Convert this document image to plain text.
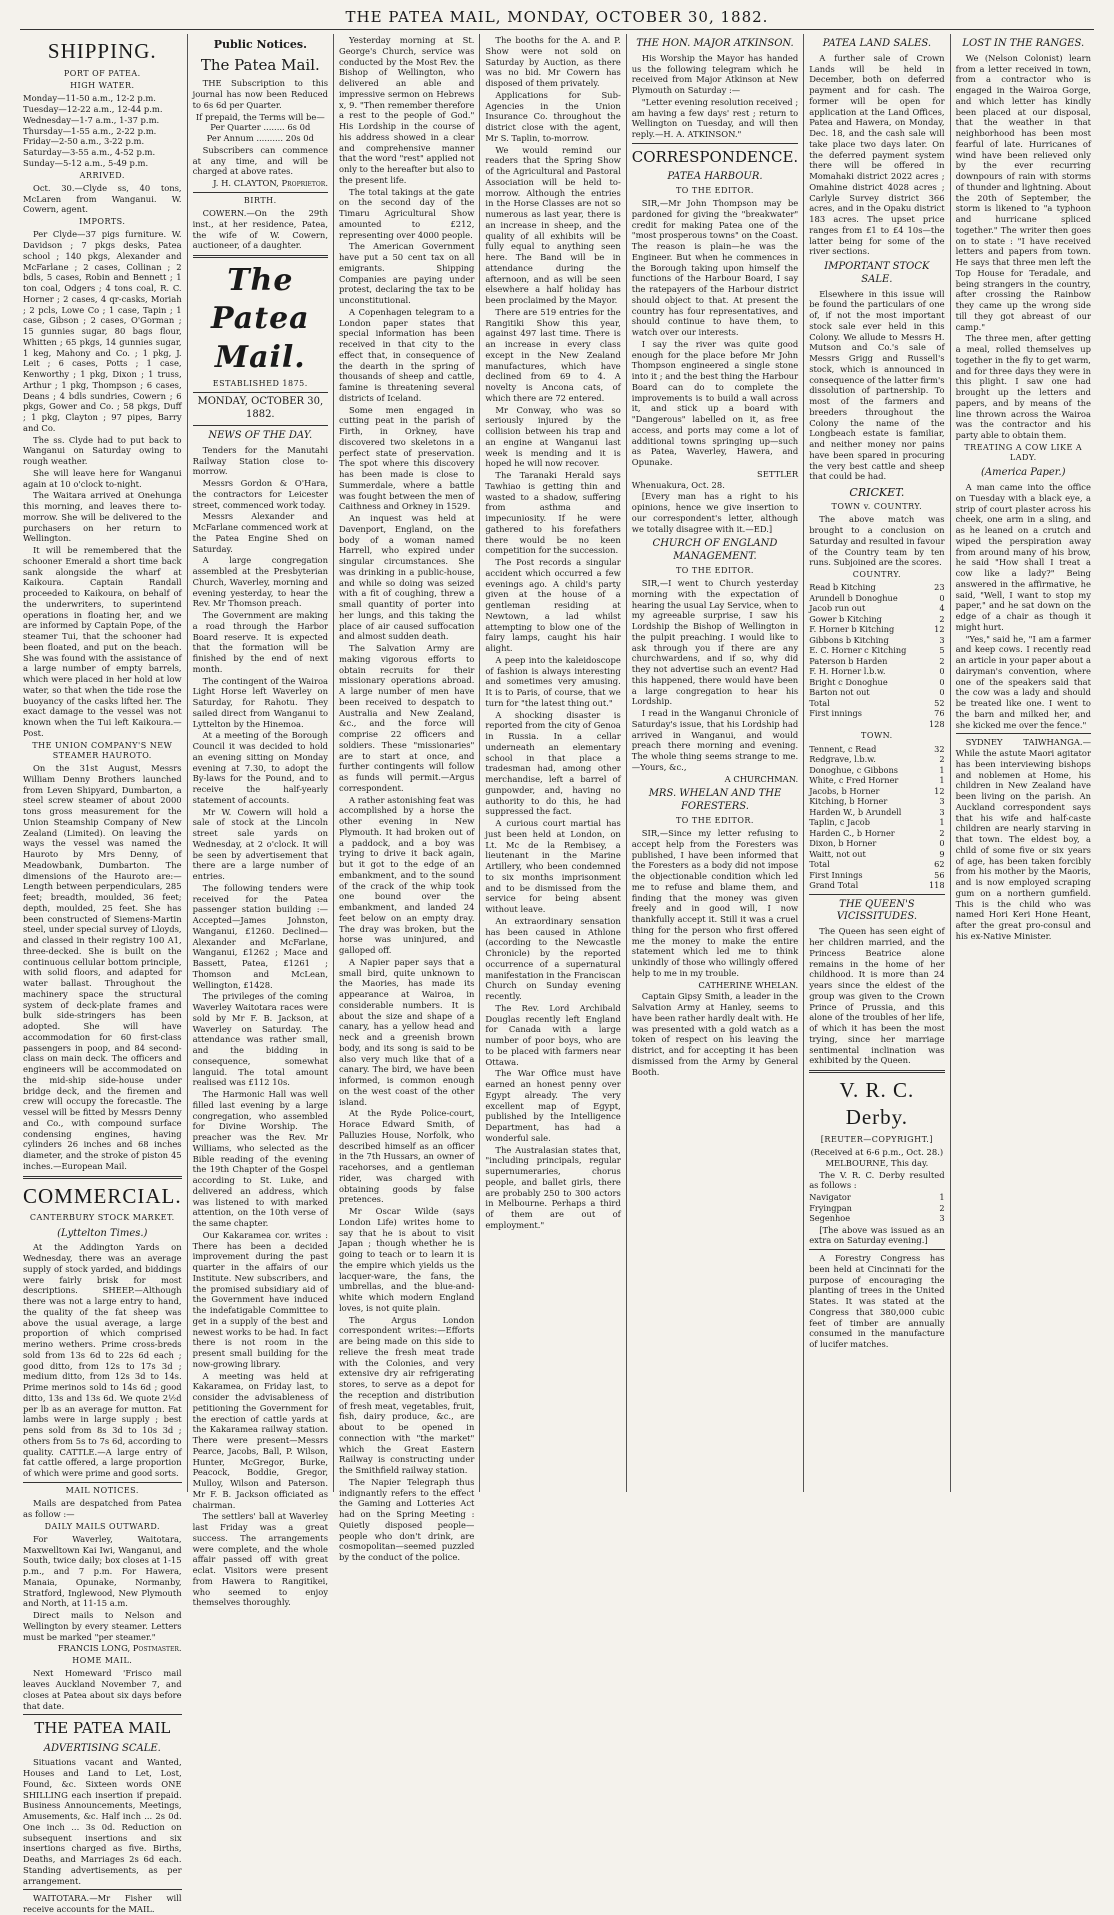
THE PATEA MAIL, MONDAY, OCTOBER 30, 1882.
SHIPPING.
PORT OF PATEA.
HIGH WATER.
Monday—11-50 a.m., 12-2 p.m.
Tuesday—12-22 a.m., 12-44 p.m.
Wednesday—1-7 a.m., 1-37 p.m.
Thursday—1-55 a.m., 2-22 p.m.
Friday—2-50 a.m., 3-22 p.m.
Saturday—3-55 a.m., 4-52 p.m.
Sunday—5-12 a.m., 5-49 p.m.
ARRIVED.
Oct. 30.—Clyde ss, 40 tons, McLaren from Wanganui. W. Cowern, agent.
IMPORTS.
Per Clyde—37 pigs furniture. W. Davidson ; 7 pkgs desks, Patea school ; 140 pkgs, Alexander and McFarlane ; 2 cases, Collinan ; 2 bdls, 5 cases, Robin and Bennett ; 1 ton coal, Odgers ; 4 tons coal, R. C. Horner ; 2 cases, 4 qr-casks, Moriah ; 2 pcls, Lowe Co ; 1 case, Tapin ; 1 case, Gibson ; 2 cases, O'Gorman ; 15 gunnies sugar, 80 bags flour, Whitten ; 65 pkgs, 14 gunnies sugar, 1 keg, Mahony and Co. ; 1 pkg, J. Leit ; 6 cases, Potts ; 1 case, Kenworthy ; 1 pkg, Dixon ; 1 truss, Arthur ; 1 pkg, Thompson ; 6 cases, Deans ; 4 bdls sundries, Cowern ; 6 pkgs, Gower and Co. ; 58 pkgs, Duff ; 1 pkg, Clayton ; 97 pipes, Barry and Co.
The ss. Clyde had to put back to Wanganui on Saturday owing to rough weather.
She will leave here for Wanganui again at 10 o'clock to-night.
The Waitara arrived at Onehunga this morning, and leaves there to-morrow. She will be delivered to the purchasers on her return to Wellington.
It will be remembered that the schooner Emerald a short time back sank alongside the wharf at Kaikoura. Captain Randall proceeded to Kaikoura, on behalf of the underwriters, to superintend operations in floating her, and we are informed by Captain Pope, of the steamer Tui, that the schooner had been floated, and put on the beach. She was found with the assistance of a large number of empty barrels, which were placed in her hold at low water, so that when the tide rose the buoyancy of the casks lifted her. The exact damage to the vessel was not known when the Tui left Kaikoura.—Post.
THE UNION COMPANY'S NEW STEAMER HAUROTO.
On the 31st August, Messrs William Denny Brothers launched from Leven Shipyard, Dumbarton, a steel screw steamer of about 2000 tons gross measurement for the Union Steamship Company of New Zealand (Limited). On leaving the ways the vessel was named the Hauroto by Mrs Denny, of Meadowbank, Dumbarton. The dimensions of the Hauroto are:—Length between perpendiculars, 285 feet; breadth, moulded, 36 feet; depth, moulded, 25 feet. She has been constructed of Siemens-Martin steel, under special survey of Lloyds, and classed in their registry 100 A1, three-decked. She is built on the continuous cellular bottom principle, with solid floors, and adapted for water ballast. Throughout the machinery space the structural system of deck-plate frames and bulk side-stringers has been adopted. She will have accommodation for 60 first-class passengers in poop, and 84 second-class on main deck. The officers and engineers will be accommodated on the mid-ship side-house under bridge deck, and the firemen and crew will occupy the forecastle. The vessel will be fitted by Messrs Denny and Co., with compound surface condensing engines, having cylinders 26 inches and 68 inches diameter, and the stroke of piston 45 inches.—European Mail.
COMMERCIAL.
CANTERBURY STOCK MARKET.
(Lyttelton Times.)
At the Addington Yards on Wednesday, there was an average supply of stock yarded, and biddings were fairly brisk for most descriptions. SHEEP.—Although there was not a large entry to hand, the quality of the fat sheep was above the usual average, a large proportion of which comprised merino wethers. Prime cross-breds sold from 13s 6d to 22s 6d each ; good ditto, from 12s to 17s 3d ; medium ditto, from 12s 3d to 14s. Prime merinos sold to 14s 6d ; good ditto, 13s and 13s 6d. We quote 2½d per lb as an average for mutton. Fat lambs were in large supply ; best pens sold from 8s 3d to 10s 3d ; others from 5s to 7s 6d, according to quality. CATTLE.—A large entry of fat cattle offered, a large proportion of which were prime and good sorts.
MAIL NOTICES.
Mails are despatched from Patea as follow :—
DAILY MAILS OUTWARD.
For Waverley, Waitotara, Maxwelltown Kai Iwi, Wanganui, and South, twice daily; box closes at 1-15 p.m., and 7 p.m. For Hawera, Manaia, Opunake, Normanby, Stratford, Inglewood, New Plymouth and North, at 11-15 a.m.
Direct mails to Nelson and Wellington by every steamer. Letters must be marked "per steamer."
FRANCIS LONG, Postmaster.
HOME MAIL.
Next Homeward 'Frisco mail leaves Auckland November 7, and closes at Patea about six days before that date.
THE PATEA MAIL
ADVERTISING SCALE.
Situations vacant and Wanted, Houses and Land to Let, Lost, Found, &c. Sixteen words ONE SHILLING each insertion if prepaid. Business Announcements, Meetings, Amusements, &c. Half inch ... 2s 0d. One inch ... 3s 0d. Reduction on subsequent insertions and six insertions charged as five. Births, Deaths, and Marriages 2s 6d each. Standing advertisements, as per arrangement.
WAITOTARA.—Mr Fisher will receive accounts for the MAIL.
Public Notices.
The Patea Mail.
THE Subscription to this journal has now been Reduced to 6s 6d per Quarter.
If prepaid, the Terms will be—
Per Quarter ........ 6s 0d
Per Annum .......... 20s 0d
Subscribers can commence at any time, and will be charged at above rates.
J. H. CLAYTON, Proprietor.
BIRTH.
COWERN.—On the 29th inst., at her residence, Patea, the wife of W. Cowern, auctioneer, of a daughter.
The Patea Mail.
ESTABLISHED 1875.
MONDAY, OCTOBER 30, 1882.
NEWS OF THE DAY.
Tenders for the Manutahi Railway Station close to-morrow.
Messrs Gordon & O'Hara, the contractors for Leicester street, commenced work today.
Messrs Alexander and McFarlane commenced work at the Patea Engine Shed on Saturday.
A large congregation assembled at the Presbyterian Church, Waverley, morning and evening yesterday, to hear the Rev. Mr Thomson preach.
The Government are making a road through the Harbor Board reserve. It is expected that the formation will be finished by the end of next month.
The contingent of the Wairoa Light Horse left Waverley on Saturday, for Rahotu. They sailed direct from Wanganui to Lyttelton by the Hinemoa.
At a meeting of the Borough Council it was decided to hold an evening sitting on Monday evening at 7.30, to adopt the By-laws for the Pound, and to receive the half-yearly statement of accounts.
Mr W. Cowern will hold a sale of stock at the Lincoln street sale yards on Wednesday, at 2 o'clock. It will be seen by advertisement that there are a large number of entries.
The following tenders were received for the Patea passenger station building :—Accepted—James Johnston, Wanganui, £1260. Declined—Alexander and McFarlane, Wanganui, £1262 ; Mace and Bassett, Patea, £1261 ; Thomson and McLean, Wellington, £1428.
The privileges of the coming Waverley Waitotara races were sold by Mr F. B. Jackson, at Waverley on Saturday. The attendance was rather small, and the bidding in consequence, somewhat languid. The total amount realised was £112 10s.
The Harmonic Hall was well filled last evening by a large congregation, who assembled for Divine Worship. The preacher was the Rev. Mr Williams, who selected as the Bible reading of the evening the 19th Chapter of the Gospel according to St. Luke, and delivered an address, which was listened to with marked attention, on the 10th verse of the same chapter.
Our Kakaramea cor. writes : There has been a decided improvement during the past quarter in the affairs of our Institute. New subscribers, and the promised subsidiary aid of the Government have induced the indefatigable Committee to get in a supply of the best and newest works to be had. In fact there is not room in the present small building for the now-growing library.
A meeting was held at Kakaramea, on Friday last, to consider the advisableness of petitioning the Government for the erection of cattle yards at the Kakaramea railway station. There were present—Messrs Pearce, Jacobs, Ball, P. Wilson, Hunter, McGregor, Burke, Peacock, Boddie, Gregor, Mulloy, Wilson and Paterson. Mr F. B. Jackson officiated as chairman.
The settlers' ball at Waverley last Friday was a great success. The arrangements were complete, and the whole affair passed off with great eclat. Visitors were present from Hawera to Rangitikei, who seemed to enjoy themselves thoroughly.
Yesterday morning at St. George's Church, service was conducted by the Most Rev. the Bishop of Wellington, who delivered an able and impressive sermon on Hebrews x, 9. "Then remember therefore a rest to the people of God." His Lordship in the course of his address showed in a clear and comprehensive manner that the word "rest" applied not only to the hereafter but also to the present life.
The total takings at the gate on the second day of the Timaru Agricultural Show amounted to £212, representing over 4000 people.
The American Government have put a 50 cent tax on all emigrants. Shipping Companies are paying under protest, declaring the tax to be unconstitutional.
A Copenhagen telegram to a London paper states that special information has been received in that city to the effect that, in consequence of the dearth in the spring of thousands of sheep and cattle, famine is threatening several districts of Iceland.
Some men engaged in cutting peat in the parish of Firth, in Orkney, have discovered two skeletons in a perfect state of preservation. The spot where this discovery has been made is close to Summerdale, where a battle was fought between the men of Caithness and Orkney in 1529.
An inquest was held at Davenport, England, on the body of a woman named Harrell, who expired under singular circumstances. She was drinking in a public-house, and while so doing was seized with a fit of coughing, threw a small quantity of porter into her lungs, and this taking the place of air caused suffocation and almost sudden death.
The Salvation Army are making vigorous efforts to obtain recruits for their missionary operations abroad. A large number of men have been received to despatch to Australia and New Zealand, &c., and the force will comprise 22 officers and soldiers. These "missionaries" are to start at once, and further contingents will follow as funds will permit.—Argus correspondent.
A rather astonishing feat was accomplished by a horse the other evening in New Plymouth. It had broken out of a paddock, and a boy was trying to drive it back again, but it got to the edge of an embankment, and to the sound of the crack of the whip took one bound over the embankment, and landed 24 feet below on an empty dray. The dray was broken, but the horse was uninjured, and galloped off.
A Napier paper says that a small bird, quite unknown to the Maories, has made its appearance at Wairoa, in considerable numbers. It is about the size and shape of a canary, has a yellow head and neck and a greenish brown body, and its song is said to be also very much like that of a canary. The bird, we have been informed, is common enough on the west coast of the other island.
At the Ryde Police-court, Horace Edward Smith, of Palluzies House, Norfolk, who described himself as an officer in the 7th Hussars, an owner of racehorses, and a gentleman rider, was charged with obtaining goods by false pretences.
Mr Oscar Wilde (says London Life) writes home to say that he is about to visit Japan ; though whether he is going to teach or to learn it is the empire which yields us the lacquer-ware, the fans, the umbrellas, and the blue-and-white which modern England loves, is not quite plain.
The Argus London correspondent writes:—Efforts are being made on this side to relieve the fresh meat trade with the Colonies, and very extensive dry air refrigerating stores, to serve as a depot for the reception and distribution of fresh meat, vegetables, fruit, fish, dairy produce, &c., are about to be opened in connection with "the market" which the Great Eastern Railway is constructing under the Smithfield railway station.
The Napier Telegraph thus indignantly refers to the effect the Gaming and Lotteries Act had on the Spring Meeting : Quietly disposed people—people who don't drink, are cosmopolitan—seemed puzzled by the conduct of the police.
The booths for the A. and P. Show were not sold on Saturday by Auction, as there was no bid. Mr Cowern has disposed of them privately.
Applications for Sub-Agencies in the Union Insurance Co. throughout the district close with the agent, Mr S. Taplin, to-morrow.
We would remind our readers that the Spring Show of the Agricultural and Pastoral Association will be held to-morrow. Although the entries in the Horse Classes are not so numerous as last year, there is an increase in sheep, and the quality of all exhibits will be fully equal to anything seen here. The Band will be in attendance during the afternoon, and as will be seen elsewhere a half holiday has been proclaimed by the Mayor.
There are 519 entries for the Rangitiki Show this year, against 497 last time. There is an increase in every class except in the New Zealand manufactures, which have declined from 69 to 4. A novelty is Ancona cats, of which there are 72 entered.
Mr Conway, who was so seriously injured by the collision between his trap and an engine at Wanganui last week is mending and it is hoped he will now recover.
The Taranaki Herald says Tawhiao is getting thin and wasted to a shadow, suffering from asthma and impecuniosity. If he were gathered to his forefathers there would be no keen competition for the succession.
The Post records a singular accident which occurred a few evenings ago. A child's party given at the house of a gentleman residing at Newtown, a lad whilst attempting to blow one of the fairy lamps, caught his hair alight.
A peep into the kaleidoscope of fashion is always interesting and sometimes very amusing. It is to Paris, of course, that we turn for "the latest thing out."
A shocking disaster is reported from the city of Genoa in Russia. In a cellar underneath an elementary school in that place a tradesman had, among other merchandise, left a barrel of gunpowder, and, having no authority to do this, he had suppressed the fact.
A curious court martial has just been held at London, on Lt. Mc de la Rembisey, a lieutenant in the Marine Artillery, who been condemned to six months imprisonment and to be dismissed from the service for being absent without leave.
An extraordinary sensation has been caused in Athlone (according to the Newcastle Chronicle) by the reported occurrence of a supernatural manifestation in the Franciscan Church on Sunday evening recently.
The Rev. Lord Archibald Douglas recently left England for Canada with a large number of poor boys, who are to be placed with farmers near Ottawa.
The War Office must have earned an honest penny over Egypt already. The very excellent map of Egypt, published by the Intelligence Department, has had a wonderful sale.
The Australasian states that, "including principals, regular supernumeraries, chorus people, and ballet girls, there are probably 250 to 300 actors in Melbourne. Perhaps a third of them are out of employment."
THE HON. MAJOR ATKINSON.
His Worship the Mayor has handed us the following telegram which he received from Major Atkinson at New Plymouth on Saturday :—
"Letter evening resolution received ; am having a few days' rest ; return to Wellington on Tuesday, and will then reply.—H. A. ATKINSON."
CORRESPONDENCE.
PATEA HARBOUR.
TO THE EDITOR.
SIR,—Mr John Thompson may be pardoned for giving the "breakwater" credit for making Patea one of the "most prosperous towns" on the Coast. The reason is plain—he was the Engineer. But when he commences in the Borough taking upon himself the functions of the Harbour Board, I say the ratepayers of the Harbour district should object to that. At present the country has four representatives, and should continue to have them, to watch over our interests.
I say the river was quite good enough for the place before Mr John Thompson engineered a single stone into it ; and the best thing the Harbour Board can do to complete the improvements is to build a wall across it, and stick up a board with "Dangerous" labelled on it, as free access, and ports may come a lot of additional towns springing up—such as Patea, Waverley, Hawera, and Opunake.
SETTLER
Whenuakura, Oct. 28.
[Every man has a right to his opinions, hence we give insertion to our correspondent's letter, although we totally disagree with it.—ED.]
CHURCH OF ENGLAND MANAGEMENT.
TO THE EDITOR.
SIR,—I went to Church yesterday morning with the expectation of hearing the usual Lay Service, when to my agreeable surprise, I saw his Lordship the Bishop of Wellington in the pulpit preaching. I would like to ask through you if there are any churchwardens, and if so, why did they not advertise such an event? Had this happened, there would have been a large congregation to hear his Lordship.
I read in the Wanganui Chronicle of Saturday's issue, that his Lordship had arrived in Wanganui, and would preach there morning and evening. The whole thing seems strange to me.—Yours, &c.,
A CHURCHMAN.
MRS. WHELAN AND THE FORESTERS.
TO THE EDITOR.
SIR,—Since my letter refusing to accept help from the Foresters was published, I have been informed that the Foresters as a body did not impose the objectionable condition which led me to refuse and blame them, and finding that the money was given freely and in good will, I now thankfully accept it. Still it was a cruel thing for the person who first offered me the money to make the entire statement which led me to think unkindly of those who willingly offered help to me in my trouble.
CATHERINE WHELAN.
Captain Gipsy Smith, a leader in the Salvation Army at Hanley, seems to have been rather hardly dealt with. He was presented with a gold watch as a token of respect on his leaving the district, and for accepting it has been dismissed from the Army by General Booth.
PATEA LAND SALES.
A further sale of Crown Lands will be held in December, both on deferred payment and for cash. The former will be open for application at the Land Offices, Patea and Hawera, on Monday, Dec. 18, and the cash sale will take place two days later. On the deferred payment system there will be offered in Momahaki district 2022 acres ; Omahine district 4028 acres ; Carlyle Survey district 366 acres, and in the Opaku district 183 acres. The upset price ranges from £1 to £4 10s—the latter being for some of the river sections.
IMPORTANT STOCK SALE.
Elsewhere in this issue will be found the particulars of one of, if not the most important stock sale ever held in this Colony. We allude to Messrs H. Mutson and Co.'s sale of Messrs Grigg and Russell's stock, which is announced in consequence of the latter firm's dissolution of partnership. To most of the farmers and breeders throughout the Colony the name of the Longbeach estate is familiar, and neither money nor pains have been spared in procuring the very best cattle and sheep that could be had.
CRICKET.
TOWN v. COUNTRY.
The above match was brought to a conclusion on Saturday and resulted in favour of the Country team by ten runs. Subjoined are the scores.
COUNTRY.
Read b Kitching	23
Arundell b Donoghue	0
Jacob run out	4
Gower b Kitching	2
F. Horner b Kitching	12
Gibbons b Kitching	3
E. C. Horner c Kitching	5
Paterson b Harden	2
F. H. Horner l.b.w.	0
Bright c Donoghue	0
Barton not out	0
Total	52
First innings	76
	128
TOWN.
Tennent, c Read	32
Redgrave, l.b.w.	2
Donoghue, c Gibbons	1
White, c Fred Horner	1
Jacobs, b Horner	12
Kitching, b Horner	3
Harden W., b Arundell	3
Taplin, c Jacob	1
Harden C., b Horner	2
Dixon, b Horner	0
Waitt, not out	9
Total	62
First Innings	56
Grand Total	118
THE QUEEN'S VICISSITUDES.
The Queen has seen eight of her children married, and the Princess Beatrice alone remains in the home of her childhood. It is more than 24 years since the eldest of the group was given to the Crown Prince of Prussia, and this alone of the troubles of her life, of which it has been the most trying, since her marriage sentimental inclination was exhibited by the Queen.
V. R. C. Derby.
[REUTER—COPYRIGHT.]
(Received at 6-6 p.m., Oct. 28.)
MELBOURNE, This day.
The V. R. C. Derby resulted as follows :
Navigator	1
Fryingpan	2
Segenhoe	3
[The above was issued as an extra on Saturday evening.]
A Forestry Congress has been held at Cincinnati for the purpose of encouraging the planting of trees in the United States. It was stated at the Congress that 380,000 cubic feet of timber are annually consumed in the manufacture of lucifer matches.
LOST IN THE RANGES.
We (Nelson Colonist) learn from a letter received in town, from a contractor who is engaged in the Wairoa Gorge, and which letter has kindly been placed at our disposal, that the weather in that neighborhood has been most fearful of late. Hurricanes of wind have been relieved only by the ever recurring downpours of rain with storms of thunder and lightning. About the 20th of September, the storm is likened to "a typhoon and hurricane spliced together." The writer then goes on to state : "I have received letters and papers from town. He says that three men left the Top House for Teradale, and being strangers in the country, after crossing the Rainbow they came up the wrong side till they got abreast of our camp."
The three men, after getting a meal, rolled themselves up together in the fly to get warm, and for three days they were in this plight. I saw one had brought up the letters and papers, and by means of the line thrown across the Wairoa was the contractor and his party able to obtain them.
TREATING A COW LIKE A LADY.
(America Paper.)
A man came into the office on Tuesday with a black eye, a strip of court plaster across his cheek, one arm in a sling, and as he leaned on a crutch and wiped the perspiration away from around many of his brow, he said "How shall I treat a cow like a lady?" Being answered in the affirmative, he said, "Well, I want to stop my paper," and he sat down on the edge of a chair as though it might hurt.
"Yes," said he, "I am a farmer and keep cows. I recently read an article in your paper about a dairyman's convention, where one of the speakers said that the cow was a lady and should be treated like one. I went to the barn and milked her, and she kicked me over the fence."
SYDNEY TAIWHANGA.—While the astute Maori agitator has been interviewing bishops and noblemen at Home, his children in New Zealand have been living on the parish. An Auckland correspondent says that his wife and half-caste children are nearly starving in that town. The eldest boy, a child of some five or six years of age, has been taken forcibly from his mother by the Maoris, and is now employed scraping gum on a northern gumfield. This is the child who was named Hori Keri Hone Heant, after the great pro-consul and his ex-Native Minister.
